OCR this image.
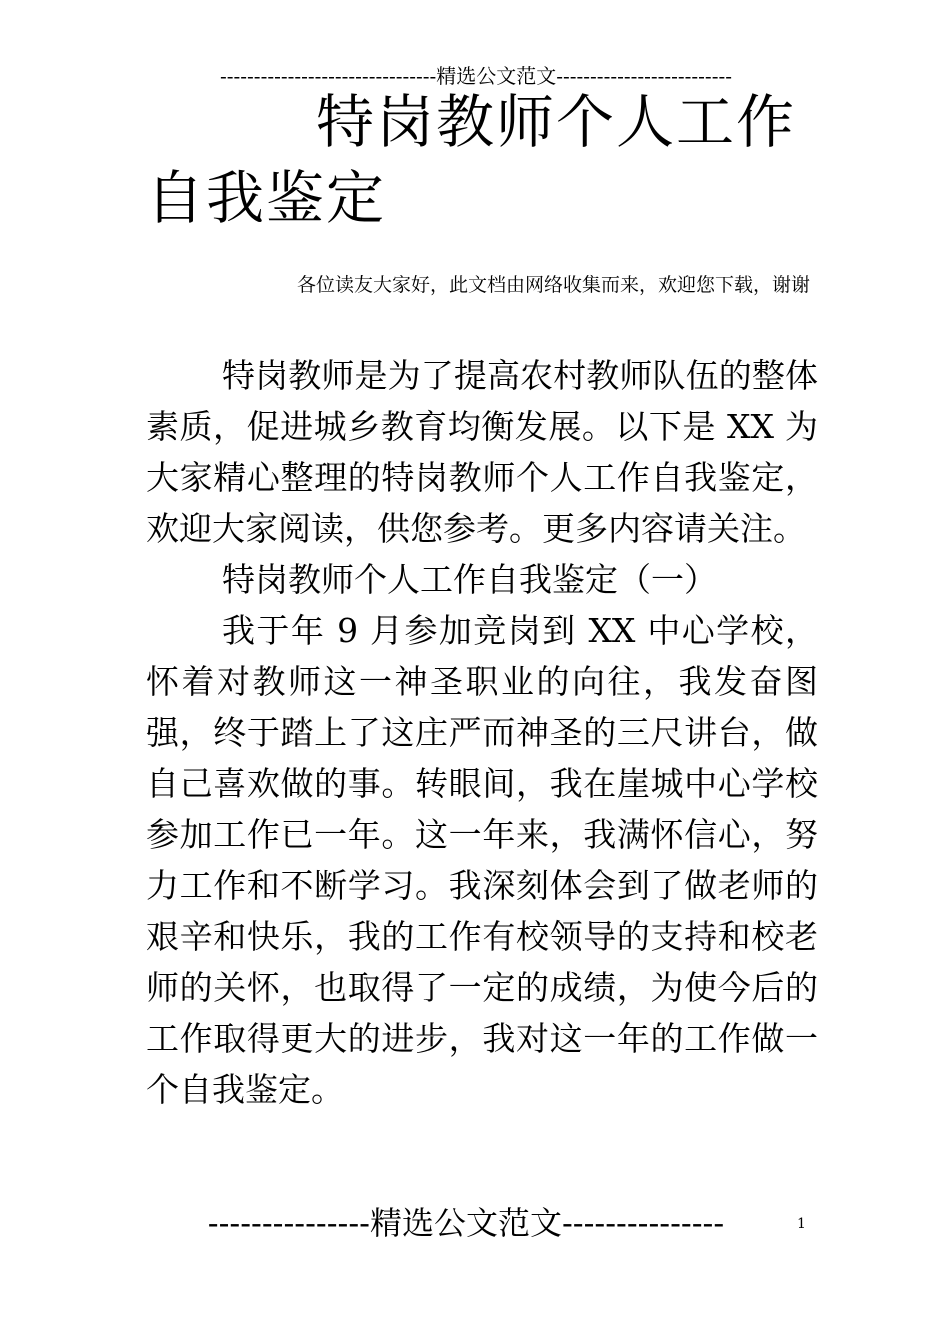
--------------------------------精选公文范文--------------------------
特岗教师个人工作自我鉴定
各位读友大家好，此文档由网络收集而来，欢迎您下载，谢谢

特岗教师是为了提高农村教师队伍的整体素质，促进城乡教育均衡发展。以下是 XX 为大家精心整理的特岗教师个人工作自我鉴定，欢迎大家阅读，供您参考。更多内容请关注。

特岗教师个人工作自我鉴定（一）

我于年 9 月参加竞岗到 XX 中心学校，怀着对教师这一神圣职业的向往，我发奋图强，终于踏上了这庄严而神圣的三尺讲台，做自己喜欢做的事。转眼间，我在崖城中心学校参加工作已一年。这一年来，我满怀信心，努力工作和不断学习。我深刻体会到了做老师的艰辛和快乐，我的工作有校领导的支持和校老师的关怀，也取得了一定的成绩，为使今后的工作取得更大的进步，我对这一年的工作做一个自我鉴定。

---------------精选公文范文---------------	1
